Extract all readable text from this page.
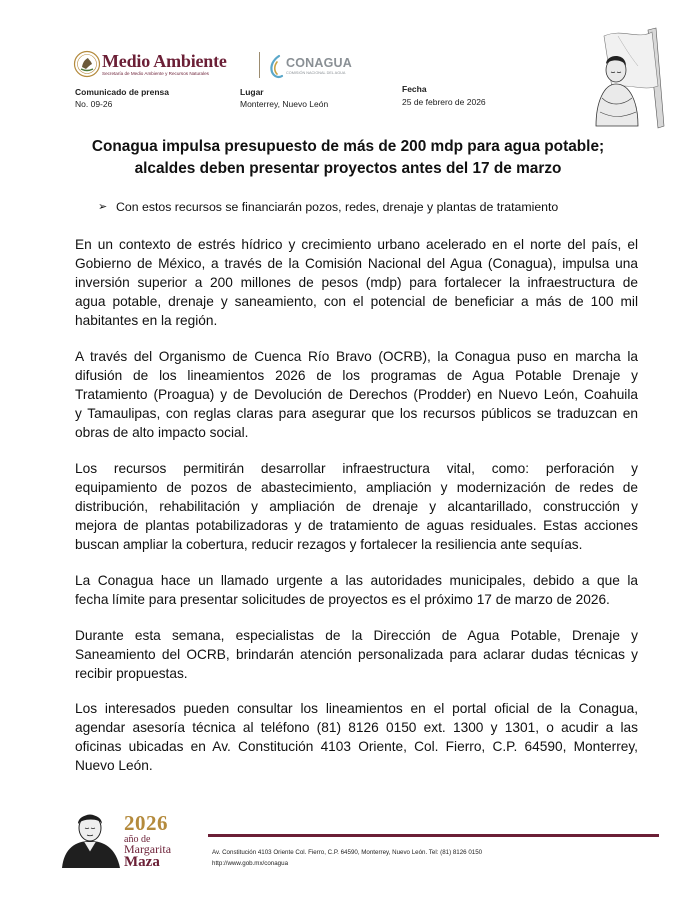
Medio Ambiente
Secretaría de Medio Ambiente y Recursos Naturales
CONAGUA
COMISIÓN NACIONAL DEL AGUA
Comunicado de prensa
No. 09-26
Lugar
Monterrey, Nuevo León
Fecha
25 de febrero de 2026
Conagua impulsa presupuesto de más de 200 mdp para agua potable;
alcaldes deben presentar proyectos antes del 17 de marzo
➢ Con estos recursos se financiarán pozos, redes, drenaje y plantas de tratamiento
En un contexto de estrés hídrico y crecimiento urbano acelerado en el norte del país, el
Gobierno de México, a través de la Comisión Nacional del Agua (Conagua), impulsa una
inversión superior a 200 millones de pesos (mdp) para fortalecer la infraestructura de
agua potable, drenaje y saneamiento, con el potencial de beneficiar a más de 100 mil
habitantes en la región.
A través del Organismo de Cuenca Río Bravo (OCRB), la Conagua puso en marcha la
difusión de los lineamientos 2026 de los programas de Agua Potable Drenaje y
Tratamiento (Proagua) y de Devolución de Derechos (Prodder) en Nuevo León, Coahuila
y Tamaulipas, con reglas claras para asegurar que los recursos públicos se traduzcan en
obras de alto impacto social.
Los recursos permitirán desarrollar infraestructura vital, como: perforación y
equipamiento de pozos de abastecimiento, ampliación y modernización de redes de
distribución, rehabilitación y ampliación de drenaje y alcantarillado, construcción y
mejora de plantas potabilizadoras y de tratamiento de aguas residuales. Estas acciones
buscan ampliar la cobertura, reducir rezagos y fortalecer la resiliencia ante sequías.
La Conagua hace un llamado urgente a las autoridades municipales, debido a que la
fecha límite para presentar solicitudes de proyectos es el próximo 17 de marzo de 2026.
Durante esta semana, especialistas de la Dirección de Agua Potable, Drenaje y
Saneamiento del OCRB, brindarán atención personalizada para aclarar dudas técnicas y
recibir propuestas.
Los interesados pueden consultar los lineamientos en el portal oficial de la Conagua,
agendar asesoría técnica al teléfono (81) 8126 0150 ext. 1300 y 1301, o acudir a las
oficinas ubicadas en Av. Constitución 4103 Oriente, Col. Fierro, C.P. 64590, Monterrey,
Nuevo León.
2026
año de
Margarita
Maza
Av. Constitución 4103 Oriente Col. Fierro, C.P. 64590, Monterrey, Nuevo León. Tel: (81) 8126 0150
http://www.gob.mx/conagua
